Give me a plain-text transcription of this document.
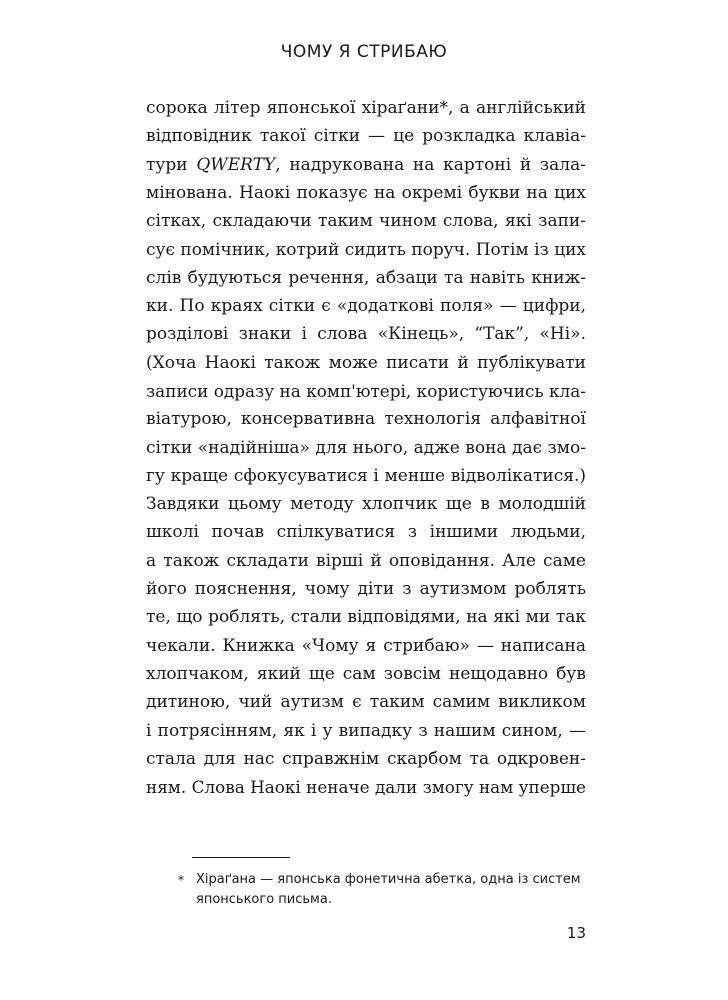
ЧОМУ Я СТРИБАЮ
сорока літер японської хіраґани*, а англійський
відповідник такої сітки — це розкладка клавіа-
тури QWERTY, надрукована на картоні й зала-
мінована. Наокі показує на окремі букви на цих
сітках, складаючи таким чином слова, які запи-
сує помічник, котрий сидить поруч. Потім із цих
слів будуються речення, абзаци та навіть книж-
ки. По краях сітки є «додаткові поля» — цифри,
розділові знаки і слова «Кінець», “Так”, «Ні».
(Хоча Наокі також може писати й публікувати
записи одразу на комп'ютері, користуючись кла-
віатурою, консервативна технологія алфавітної
сітки «надійніша» для нього, адже вона дає змо-
гу краще сфокусуватися і менше відволікатися.)
Завдяки цьому методу хлопчик ще в молодшій
школі почав спілкуватися з іншими людьми,
а також складати вірші й оповідання. Але саме
його пояснення, чому діти з аутизмом роблять
те, що роблять, стали відповідями, на які ми так
чекали. Книжка «Чому я стрибаю» — написана
хлопчаком, який ще сам зовсім нещодавно був
дитиною, чий аутизм є таким самим викликом
і потрясінням, як і у випадку з нашим сином, —
стала для нас справжнім скарбом та одкровен-
ням. Слова Наокі неначе дали змогу нам уперше
* Хіраґана — японська фонетична абетка, одна із систем
японського письма.
13
